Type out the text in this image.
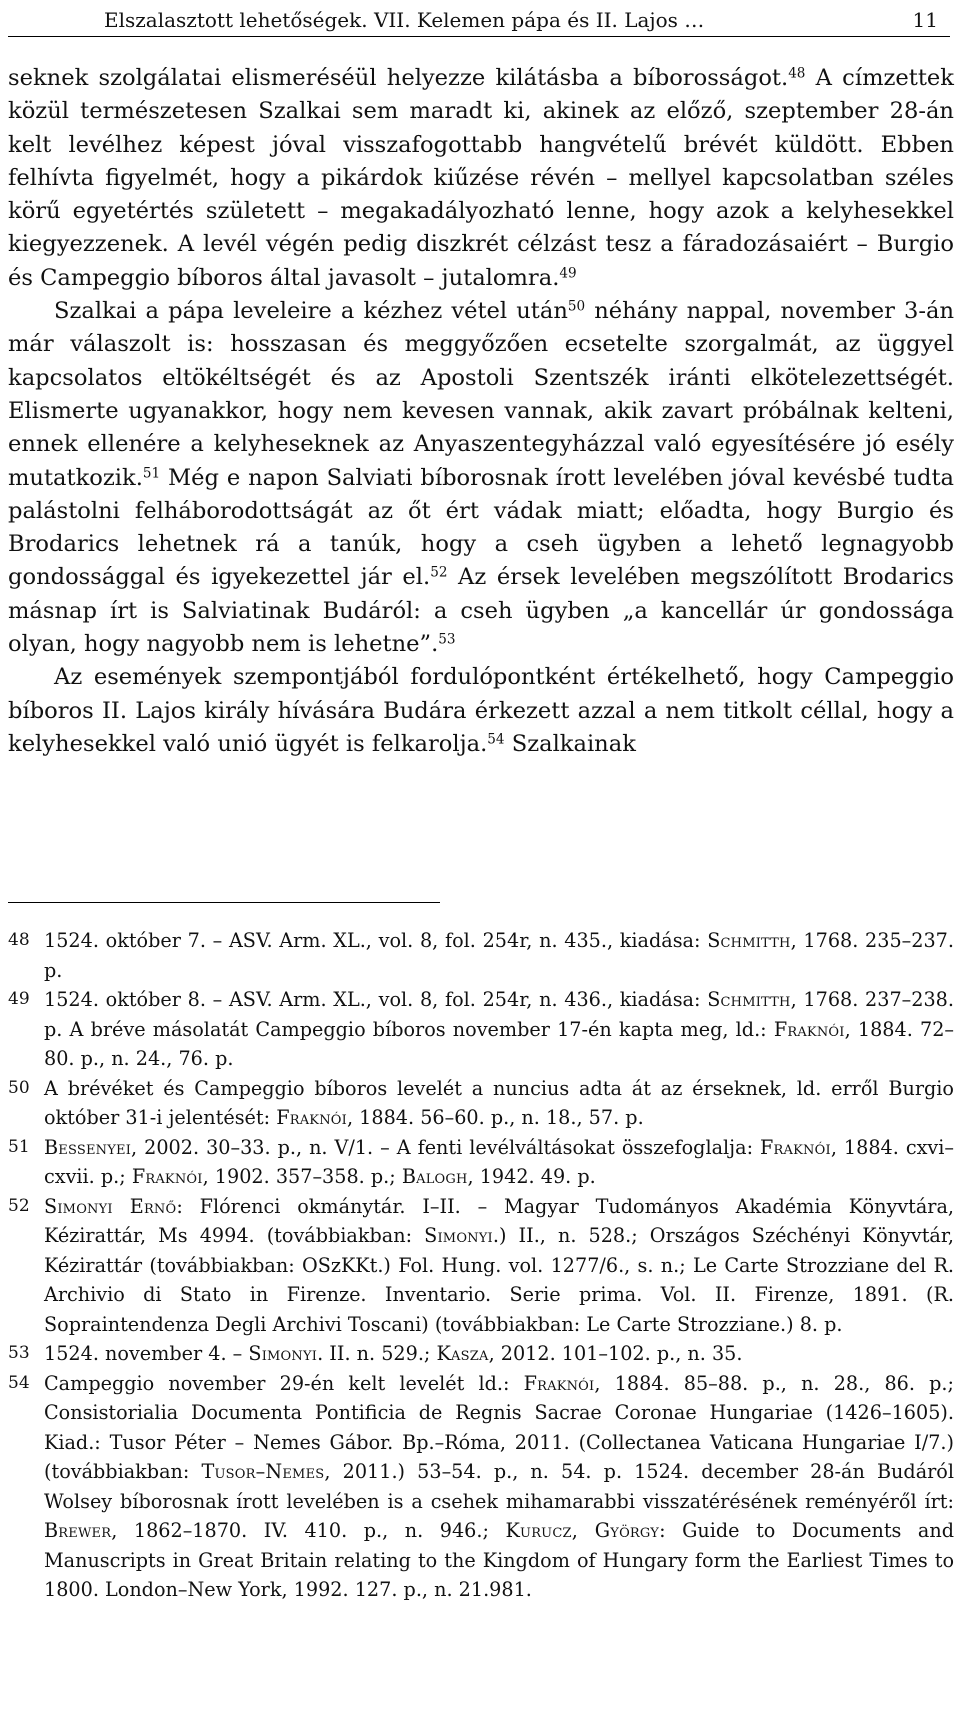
Elszalasztott lehetőségek. VII. Kelemen pápa és II. Lajos …	11

seknek szolgálatai elismeréséül helyezze kilátásba a bíborosságot.$^{48}$ A címzettek közül természetesen Szalkai sem maradt ki, akinek az előző, szeptember 28-án kelt levélhez képest jóval visszafogottabb hangvételű brévét küldött. Ebben felhívta figyelmét, hogy a pikárdok kiűzése révén – mellyel kapcsolatban széles körű egyetértés született – megakadályozható lenne, hogy azok a kelyhesekkel kiegyezzenek. A levél végén pedig diszkrét célzást tesz a fáradozásaiért – Burgio és Campeggio bíboros által javasolt – jutalomra.$^{49}$

Szalkai a pápa leveleire a kézhez vétel után$^{50}$ néhány nappal, november 3-án már válaszolt is: hosszasan és meggyőzően ecsetelte szorgalmát, az üggyel kapcsolatos eltökéltségét és az Apostoli Szentszék iránti elkötelezettségét. Elismerte ugyanakkor, hogy nem kevesen vannak, akik zavart próbálnak kelteni, ennek ellenére a kelyheseknek az Anyaszentegyházzal való egyesítésére jó esély mutatkozik.$^{51}$ Még e napon Salviati bíborosnak írott levelében jóval kevésbé tudta palástolni felháborodottságát az őt ért vádak miatt; előadta, hogy Burgio és Brodarics lehetnek rá a tanúk, hogy a cseh ügyben a lehető legnagyobb gondossággal és igyekezettel jár el.$^{52}$ Az érsek levelében megszólított Brodarics másnap írt is Salviatinak Budáról: a cseh ügyben „a kancellár úr gondossága olyan, hogy nagyobb nem is lehetne”.$^{53}$

Az események szempontjából fordulópontként értékelhető, hogy Campeggio bíboros II. Lajos király hívására Budára érkezett azzal a nem titkolt céllal, hogy a kelyhesekkel való unió ügyét is felkarolja.$^{54}$ Szalkainak

48 1524. október 7. – ASV. Arm. XL., vol. 8, fol. 254r, n. 435., kiadása: Schmitth, 1768. 235–237. p.
49 1524. október 8. – ASV. Arm. XL., vol. 8, fol. 254r, n. 436., kiadása: Schmitth, 1768. 237–238. p. A bréve másolatát Campeggio bíboros november 17-én kapta meg, ld.: Fraknói, 1884. 72–80. p., n. 24., 76. p.
50 A brévéket és Campeggio bíboros levelét a nuncius adta át az érseknek, ld. erről Burgio október 31-i jelentését: Fraknói, 1884. 56–60. p., n. 18., 57. p.
51 Bessenyei, 2002. 30–33. p., n. V/1. – A fenti levélváltásokat összefoglalja: Fraknói, 1884. cxvi–cxvii. p.; Fraknói, 1902. 357–358. p.; Balogh, 1942. 49. p.
52 Simonyi Ernő: Flórenci okmánytár. I–II. – Magyar Tudományos Akadémia Könyvtára, Kézirattár, Ms 4994. (továbbiakban: Simonyi.) II., n. 528.; Országos Széchényi Könyvtár, Kézirattár (továbbiakban: OSzKKt.) Fol. Hung. vol. 1277/6., s. n.; Le Carte Strozziane del R. Archivio di Stato in Firenze. Inventario. Serie prima. Vol. II. Firenze, 1891. (R. Sopraintendenza Degli Archivi Toscani) (továbbiakban: Le Carte Strozziane.) 8. p.
53 1524. november 4. – Simonyi. II. n. 529.; Kasza, 2012. 101–102. p., n. 35.
54 Campeggio november 29-én kelt levelét ld.: Fraknói, 1884. 85–88. p., n. 28., 86. p.; Consistorialia Documenta Pontificia de Regnis Sacrae Coronae Hungariae (1426–1605). Kiad.: Tusor Péter – Nemes Gábor. Bp.–Róma, 2011. (Collectanea Vaticana Hungariae I/7.) (továbbiakban: Tusor–Nemes, 2011.) 53–54. p., n. 54. p. 1524. december 28-án Budáról Wolsey bíborosnak írott levelében is a csehek mihamarabbi visszatérésének reményéről írt: Brewer, 1862–1870. IV. 410. p., n. 946.; Kurucz, György: Guide to Documents and Manuscripts in Great Britain relating to the Kingdom of Hungary form the Earliest Times to 1800. London–New York, 1992. 127. p., n. 21.981.
